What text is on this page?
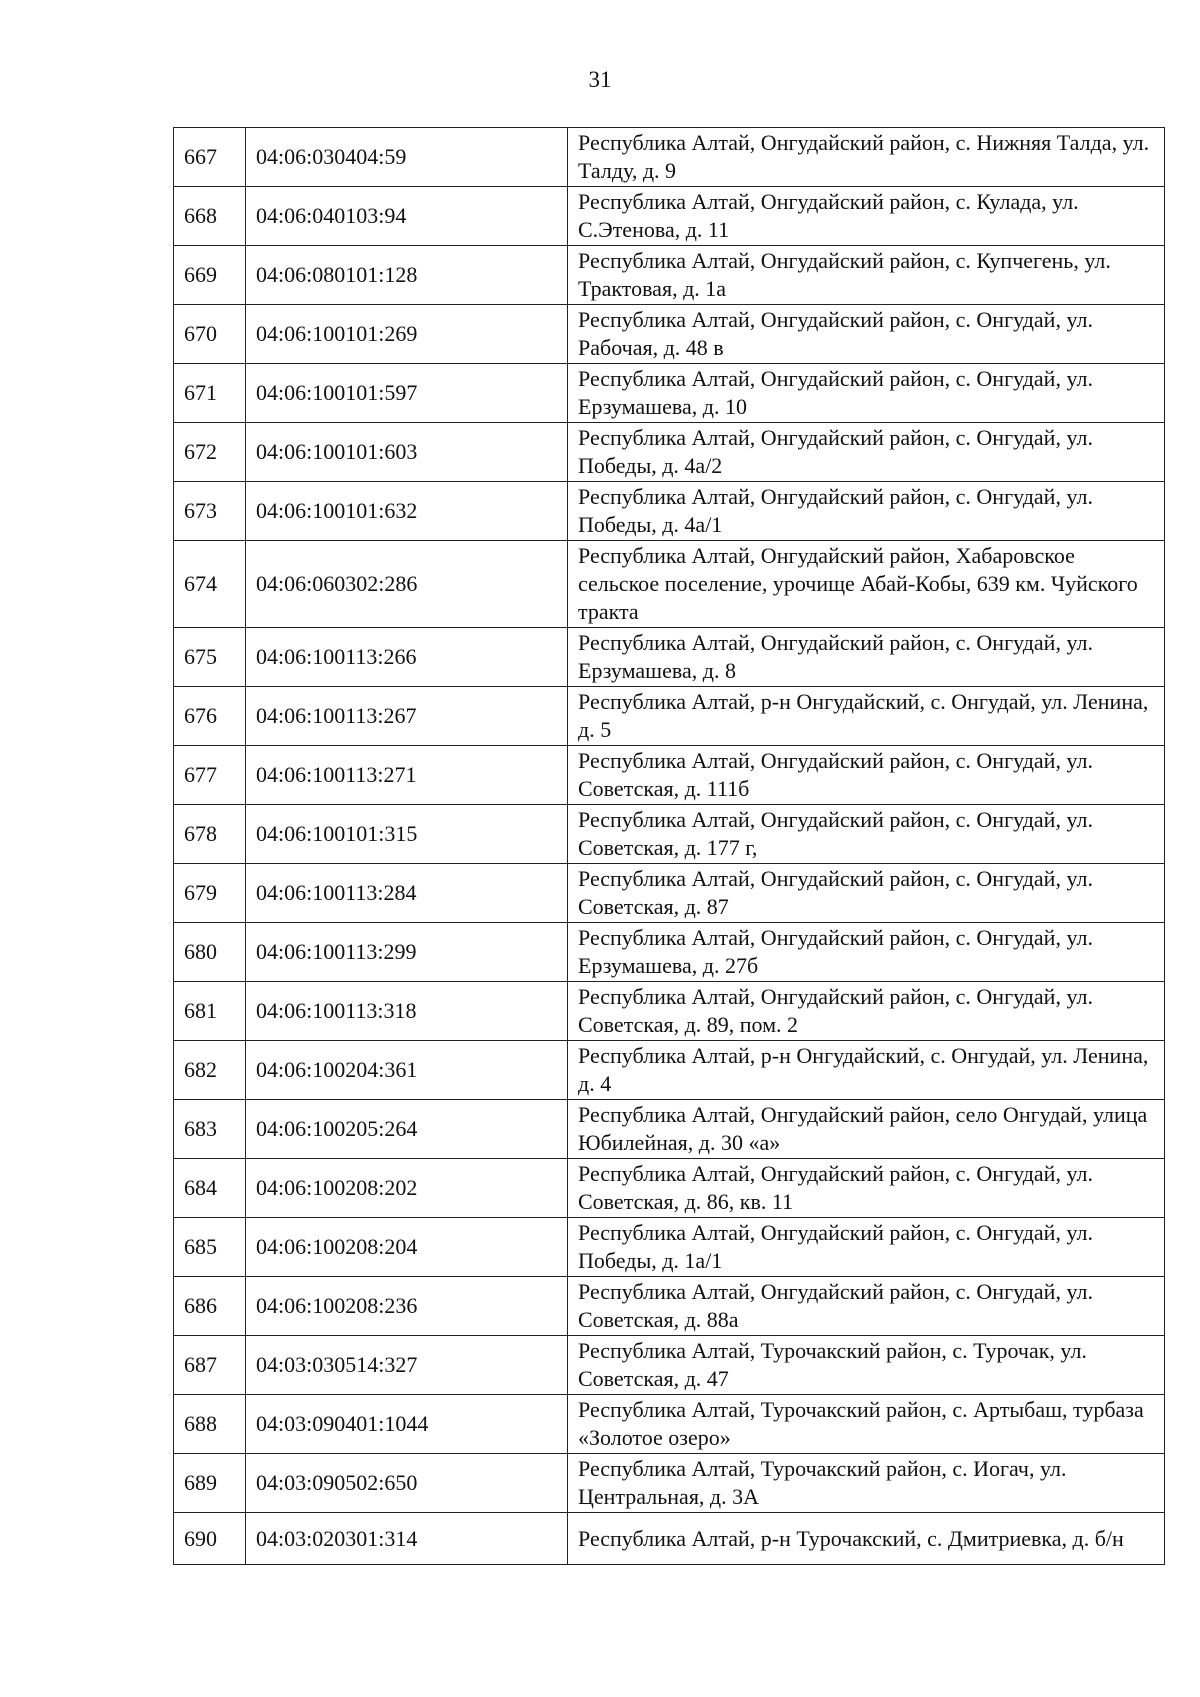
31
667	04:06:030404:59	Республика Алтай, Онгудайский район, с. Нижняя Талда, ул. Талду, д. 9
668	04:06:040103:94	Республика Алтай, Онгудайский район, с. Кулада, ул. С.Этенова, д. 11
669	04:06:080101:128	Республика Алтай, Онгудайский район, с. Купчегень, ул. Трактовая, д. 1а
670	04:06:100101:269	Республика Алтай, Онгудайский район, с. Онгудай, ул. Рабочая, д. 48 в
671	04:06:100101:597	Республика Алтай, Онгудайский район, с. Онгудай, ул. Ерзумашева, д. 10
672	04:06:100101:603	Республика Алтай, Онгудайский район, с. Онгудай, ул. Победы, д. 4а/2
673	04:06:100101:632	Республика Алтай, Онгудайский район, с. Онгудай, ул. Победы, д. 4а/1
674	04:06:060302:286	Республика Алтай, Онгудайский район, Хабаровское сельское поселение, урочище Абай-Кобы, 639 км. Чуйского тракта
675	04:06:100113:266	Республика Алтай, Онгудайский район, с. Онгудай, ул. Ерзумашева, д. 8
676	04:06:100113:267	Республика Алтай, р-н Онгудайский, с. Онгудай, ул. Ленина, д. 5
677	04:06:100113:271	Республика Алтай, Онгудайский район, с. Онгудай, ул. Советская, д. 111б
678	04:06:100101:315	Республика Алтай, Онгудайский район, с. Онгудай, ул. Советская, д. 177 г,
679	04:06:100113:284	Республика Алтай, Онгудайский район, с. Онгудай, ул. Советская, д. 87
680	04:06:100113:299	Республика Алтай, Онгудайский район, с. Онгудай, ул. Ерзумашева, д. 27б
681	04:06:100113:318	Республика Алтай, Онгудайский район, с. Онгудай, ул. Советская, д. 89, пом. 2
682	04:06:100204:361	Республика Алтай, р-н Онгудайский, с. Онгудай, ул. Ленина, д. 4
683	04:06:100205:264	Республика Алтай, Онгудайский район, село Онгудай, улица Юбилейная, д. 30 «а»
684	04:06:100208:202	Республика Алтай, Онгудайский район, с. Онгудай, ул. Советская, д. 86, кв. 11
685	04:06:100208:204	Республика Алтай, Онгудайский район, с. Онгудай, ул. Победы, д. 1а/1
686	04:06:100208:236	Республика Алтай, Онгудайский район, с. Онгудай, ул. Советская, д. 88а
687	04:03:030514:327	Республика Алтай, Турочакский район, с. Турочак, ул. Советская, д. 47
688	04:03:090401:1044	Республика Алтай, Турочакский район, с. Артыбаш, турбаза «Золотое озеро»
689	04:03:090502:650	Республика Алтай, Турочакский район, с. Иогач, ул. Центральная, д. 3А
690	04:03:020301:314	Республика Алтай, р-н Турочакский, с. Дмитриевка, д. б/н
